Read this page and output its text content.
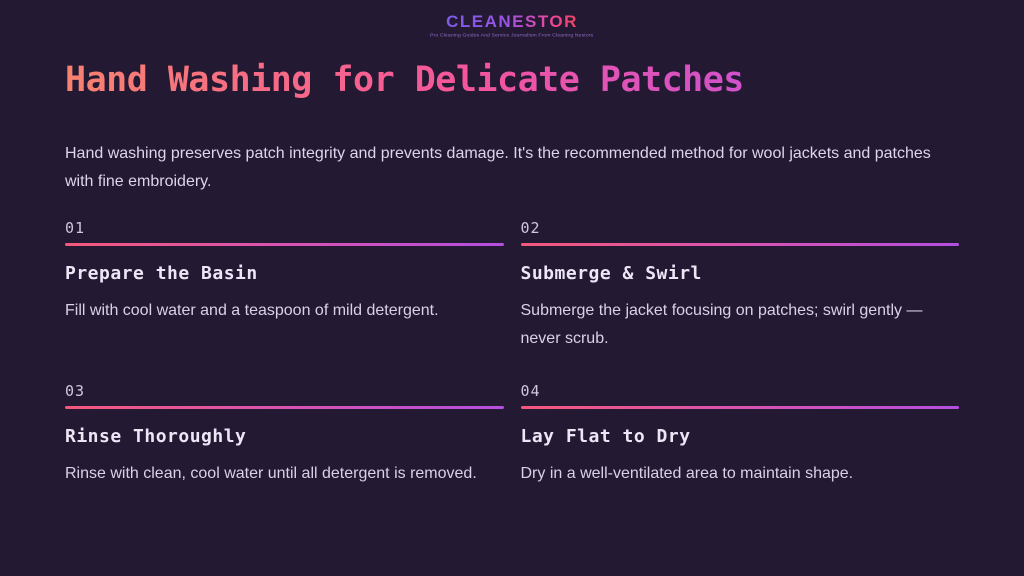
CLEANESTOR
Pro Cleaning Guides And Service Journalism From Cleaning Nestors
Hand Washing for Delicate Patches

Hand washing preserves patch integrity and prevents damage. It's the recommended method for wool jackets and patches with fine embroidery.

01
Prepare the Basin
Fill with cool water and a teaspoon of mild detergent.
02
Submerge & Swirl
Submerge the jacket focusing on patches; swirl gently — never scrub.
03
Rinse Thoroughly
Rinse with clean, cool water until all detergent is removed.
04
Lay Flat to Dry
Dry in a well-ventilated area to maintain shape.
